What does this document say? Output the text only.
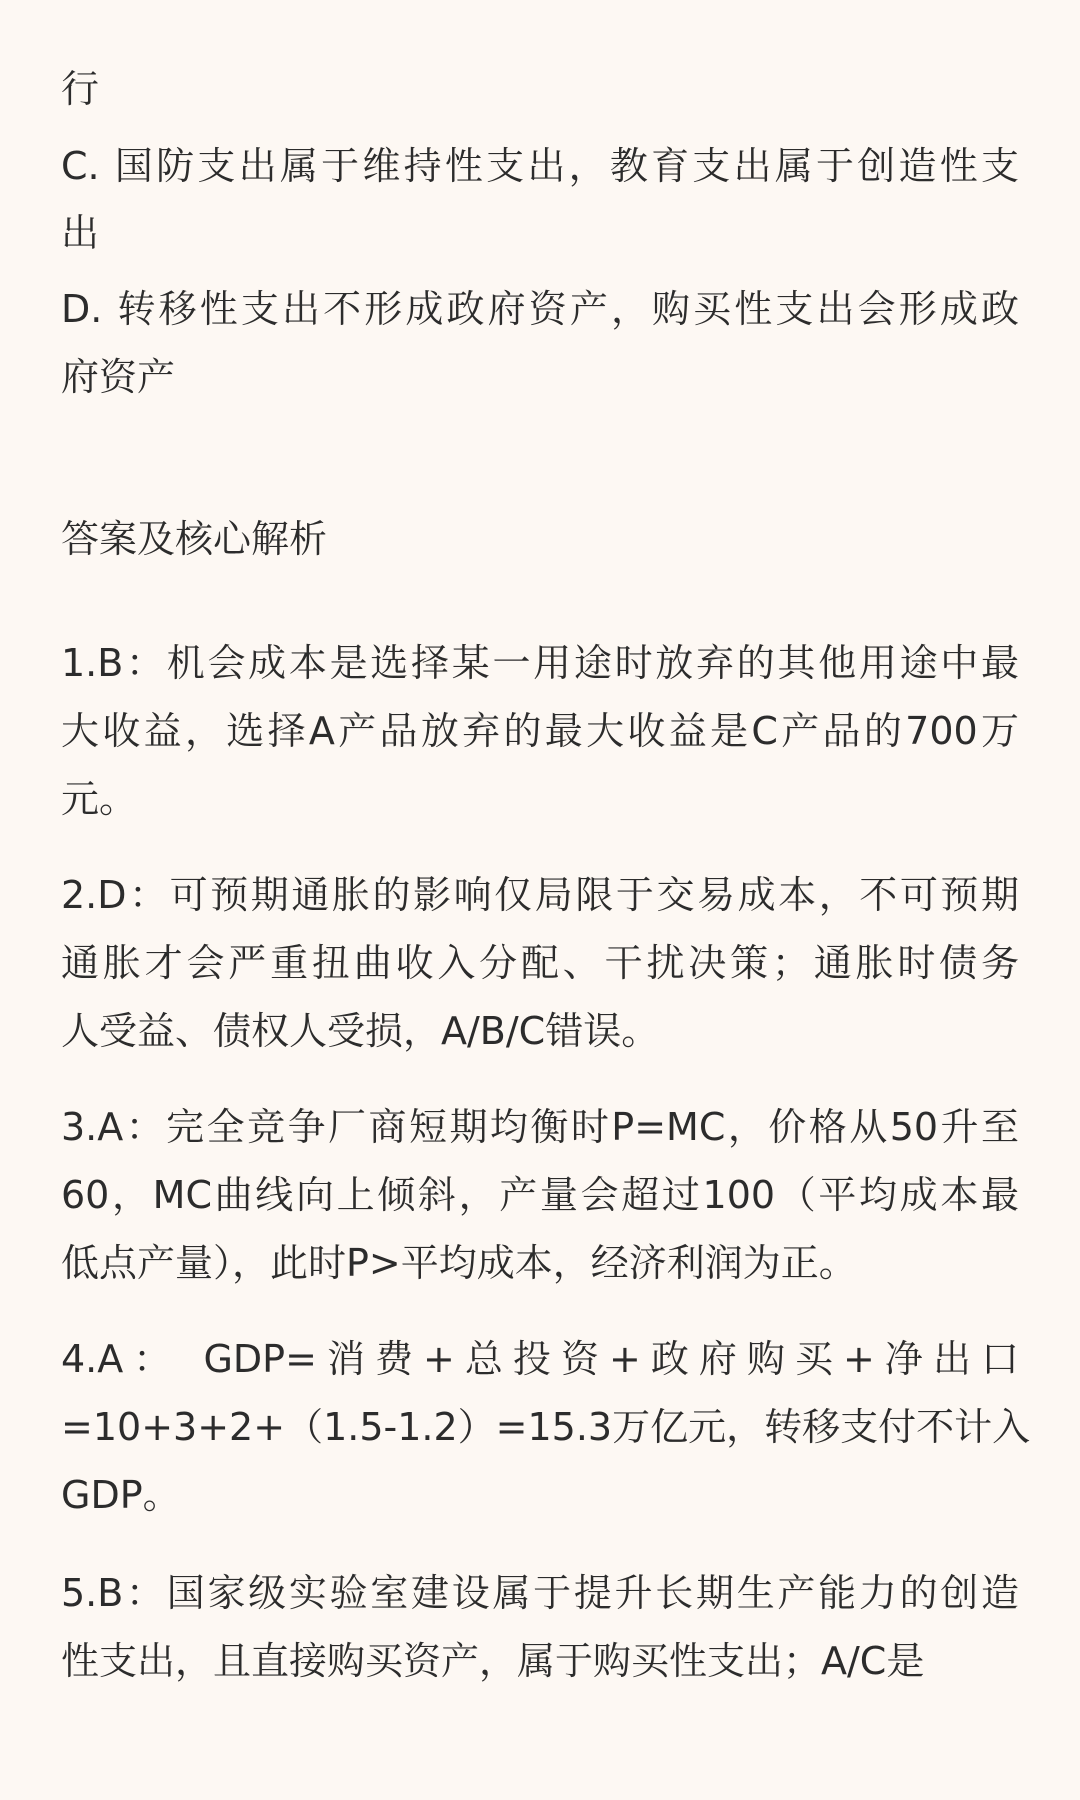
行
C. 国防支出属于维持性支出，教育支出属于创造性支
出
D. 转移性支出不形成政府资产，购买性支出会形成政
府资产
答案及核心解析
1.B：机会成本是选择某一用途时放弃的其他用途中最
大收益，选择A产品放弃的最大收益是C产品的700万
元。
2.D：可预期通胀的影响仅局限于交易成本，不可预期
通胀才会严重扭曲收入分配、干扰决策；通胀时债务
人受益、债权人受损，A/B/C错误。
3.A：完全竞争厂商短期均衡时P=MC，价格从50升至
60，MC曲线向上倾斜，产量会超过100（平均成本最
低点产量），此时P>平均成本，经济利润为正。
4.A： GDP=消费+总投资+政府购买+净出口
=10+3+2+（1.5-1.2）=15.3万亿元，转移支付不计入
GDP。
5.B：国家级实验室建设属于提升长期生产能力的创造
性支出，且直接购买资产，属于购买性支出；A/C是
